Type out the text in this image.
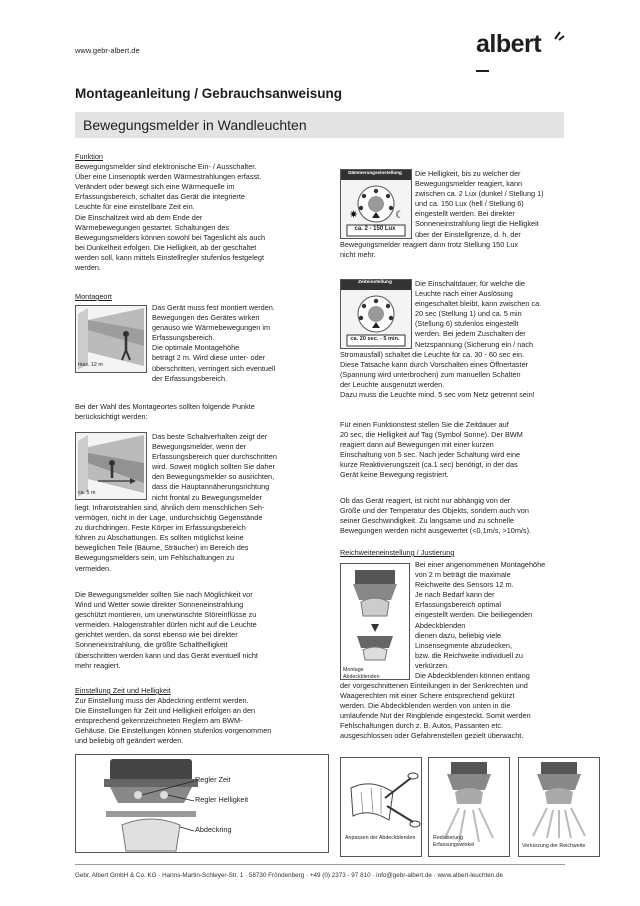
www.gebr-albert.de	albert
Montageanleitung / Gebrauchsanweisung
Bewegungsmelder in Wandleuchten

Funktion

Bewegungsmelder sind elektronische Ein- / Ausschalter.

Über eine Linsenoptik werden Wärmestrahlungen erfasst.

Verändert oder bewegt sich eine Wärmequelle im

Erfassungsbereich, schaltet das Gerät die integrierte

Leuchte für eine einstellbare Zeit ein.

Die Einschaltzeit wird ab dem Ende der

Wärmebewegungen gestartet. Schaltungen des

Bewegungsmelders können sowohl bei Tageslicht als auch

bei Dunkelheit erfolgen. Die Helligkeit, ab der geschaltet

werden soll, kann mittels Einstellregler stufenlos festgelegt

werden.

Montageort
max. 12 m

Das Gerät muss fest montiert werden.

Bewegungen des Gerätes wirken

genauso wie Wärmebewegungen im

Erfassungsbereich.

Die optimale Montagehöhe

beträgt 2 m. Wird diese unter- oder

überschritten, verringert sich eventuell

der Erfassungsbereich.

Bei der Wahl des Montageortes sollten folgende Punkte

berücksichtigt werden:

ca. 5 m

Das beste Schaltverhalten zeigt der

Bewegungsmelder, wenn der

Erfassungsbereich quer durchschritten

wird. Soweit möglich sollten Sie daher

den Bewegungsmelder so ausrichten,

dass die Hauptannäherungsrichtung

nicht frontal zu Bewegungsmelder

liegt. Infrarotstrahlen sind, ähnlich dem menschlichen Seh-

vermögen, nicht in der Lage, undurchsichtig Gegenstände

zu durchdringen. Feste Körper im Erfassungsbereich

führen zu Abschattungen. Es sollten möglichst keine

beweglichen Teile (Bäume, Sträucher) im Bereich des

Bewegungsmelders sein, um Fehlschaltungen zu

vermeiden.

Die Bewegungsmelder sollten Sie nach Möglichkeit vor

Wind und Wetter sowie direkter Sonneneinstrahlung

geschützt montieren, um unerwünschte Störeinflüsse zu

vermeiden. Halogenstrahler dürfen nicht auf die Leuchte

gerichtet werden, da sonst ebenso wie bei direkter

Sonneneinstrahlung, die größte Schalthelligkeit

überschritten werden kann und das Gerät eventuell nicht

mehr reagiert.

Einstellung Zeit und Helligkeit

Zur Einstellung muss der Abdeckring entfernt werden.

Die Einstellungen für Zeit und Helligkeit erfolgen an den

entsprechend gekennzeichneten Reglern am BWM-

Gehäuse. Die Einstellungen können stufenlos vorgenommen

und beliebig oft geändert werden.

Regler Zeit
Regler Helligkeit
Abdeckring
✷	☾
Dämmerungseinstellung
ca. 2 - 150 Lux

Die Helligkeit, bis zu welcher der

Bewegungsmelder reagiert, kann

zwischen ca. 2 Lux (dunkel / Stellung 1)

und ca. 150 Lux (hell / Stellung 6)

eingestellt werden. Bei direkter

Sonneneinstrahlung liegt die Helligkeit

über der Einstellgrenze, d. h. der

Bewegungsmelder reagiert dann trotz Stellung 150 Lux

nicht mehr.

Zeiteinstellung
ca. 20 sec. - 5 min.

Die Einschaltdauer, für welche die

Leuchte nach einer Auslösung

eingeschaltet bleibt, kann zwischen ca.

20 sec (Stellung 1) und ca. 5 min

(Stellung 6) stufenlos eingestellt

werden. Bei jedem Zuschalten der

Netzspannung (Sicherung ein / nach

Stromausfall) schaltet die Leuchte für ca. 30 - 60 sec ein.

Diese Tatsache kann durch Vorschalten eines Öffnertaster

(Spannung wird unterbrochen) zum manuellen Schalten

der Leuchte ausgenutzt werden.

Dazu muss die Leuchte mind. 5 sec vom Netz getrennt sein!

Für einen Funktionstest stellen Sie die Zeitdauer auf

20 sec, die Helligkeit auf Tag (Symbol Sonne). Der BWM

reagiert dann auf Bewegungen mit einer kurzen

Einschaltung von 5 sec. Nach jeder Schaltung wird eine

kurze Reaktivierungszeit (ca.1 sec) benötigt, in der das

Gerät keine Bewegung registriert.

Ob das Gerät reagiert, ist nicht nur abhängig von der

Größe und der Temperatur des Objekts, sondern auch von

seiner Geschwindigkeit. Zu langsame und zu schnelle

Bewegungen werden nicht ausgewertet (<0,1m/s, >10m/s).

Reichweiteneinstellung / Justierung
Montage
Abdeckblenden

Bei einer angenommenen Montagehöhe

von 2 m beträgt die maximale

Reichweite des Sensors 12 m.

Je nach Bedarf kann der

Erfassungsbereich optimal

eingestellt werden. Die beiliegenden

Abdeckblenden

dienen dazu, beliebig viele

Linsensegmente abzudecken,

bzw. die Reichweite individuell zu

verkürzen.

Die Abdeckblenden können entlang

der vorgeschnittenen Einteilungen in der Senkrechten und

Waagerechten mit einer Schere entsprechend gekürzt

werden. Die Abdeckblenden werden von unten in die

umlaufende Nut der Ringblende eingesteckt. Somit werden

Fehlschaltungen durch z. B. Autos, Passanten etc.

ausgeschlossen oder Gefahrenstellen gezielt überwacht.

Anpassen der Abdeckblenden	Reduzierung Erfassungswinkel	Verkürzung der Reichweite
Gebr. Albert GmbH & Co. KG · Hanns-Martin-Schleyer-Str. 1 · 58730 Fröndenberg · +49 (0) 2373 - 97 810 · info@gebr-albert.de · www.albert-leuchten.de
